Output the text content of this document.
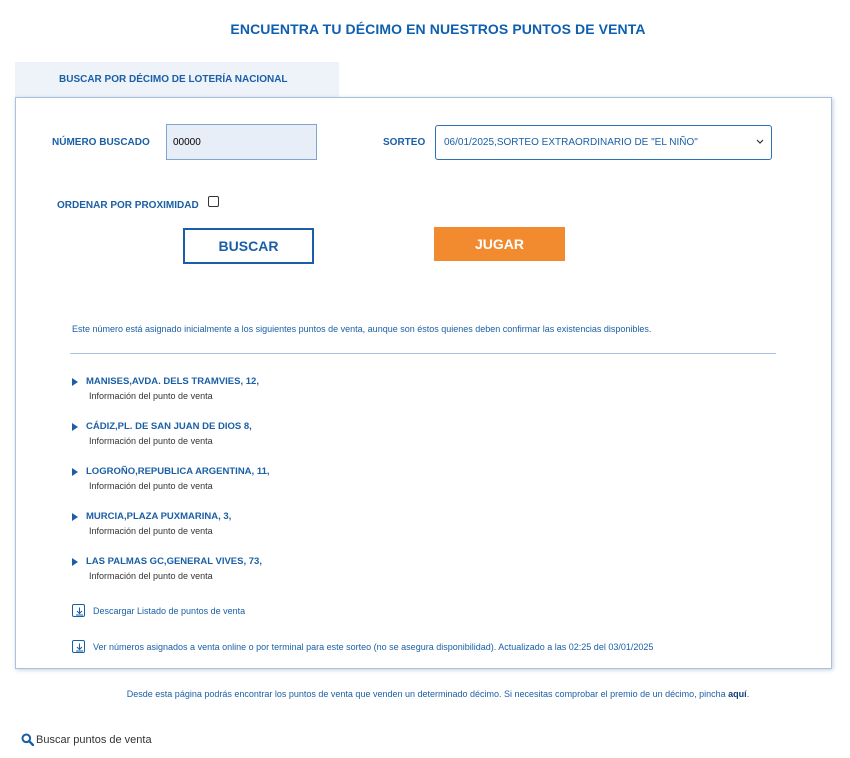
ENCUENTRA TU DÉCIMO EN NUESTROS PUNTOS DE VENTA
BUSCAR POR DÉCIMO DE LOTERÍA NACIONAL
NÚMERO BUSCADO
00000	SORTEO	06/01/2025,SORTEO EXTRAORDINARIO DE "EL NIÑO"
ORDENAR POR PROXIMIDAD
BUSCAR	JUGAR
Este número está asignado inicialmente a los siguientes puntos de venta, aunque son éstos quienes deben confirmar las existencias disponibles.
MANISES,AVDA. DELS TRAMVIES, 12,
Información del punto de venta
CÁDIZ,PL. DE SAN JUAN DE DIOS 8,
Información del punto de venta
LOGROÑO,REPUBLICA ARGENTINA, 11,
Información del punto de venta
MURCIA,PLAZA PUXMARINA, 3,
Información del punto de venta
LAS PALMAS GC,GENERAL VIVES, 73,
Información del punto de venta
Descargar Listado de puntos de venta
Ver números asignados a venta online o por terminal para este sorteo (no se asegura disponibilidad). Actualizado a las 02:25 del 03/01/2025
Desde esta página podrás encontrar los puntos de venta que venden un determinado décimo. Si necesitas comprobar el premio de un décimo, pincha aquí.
Buscar puntos de venta
